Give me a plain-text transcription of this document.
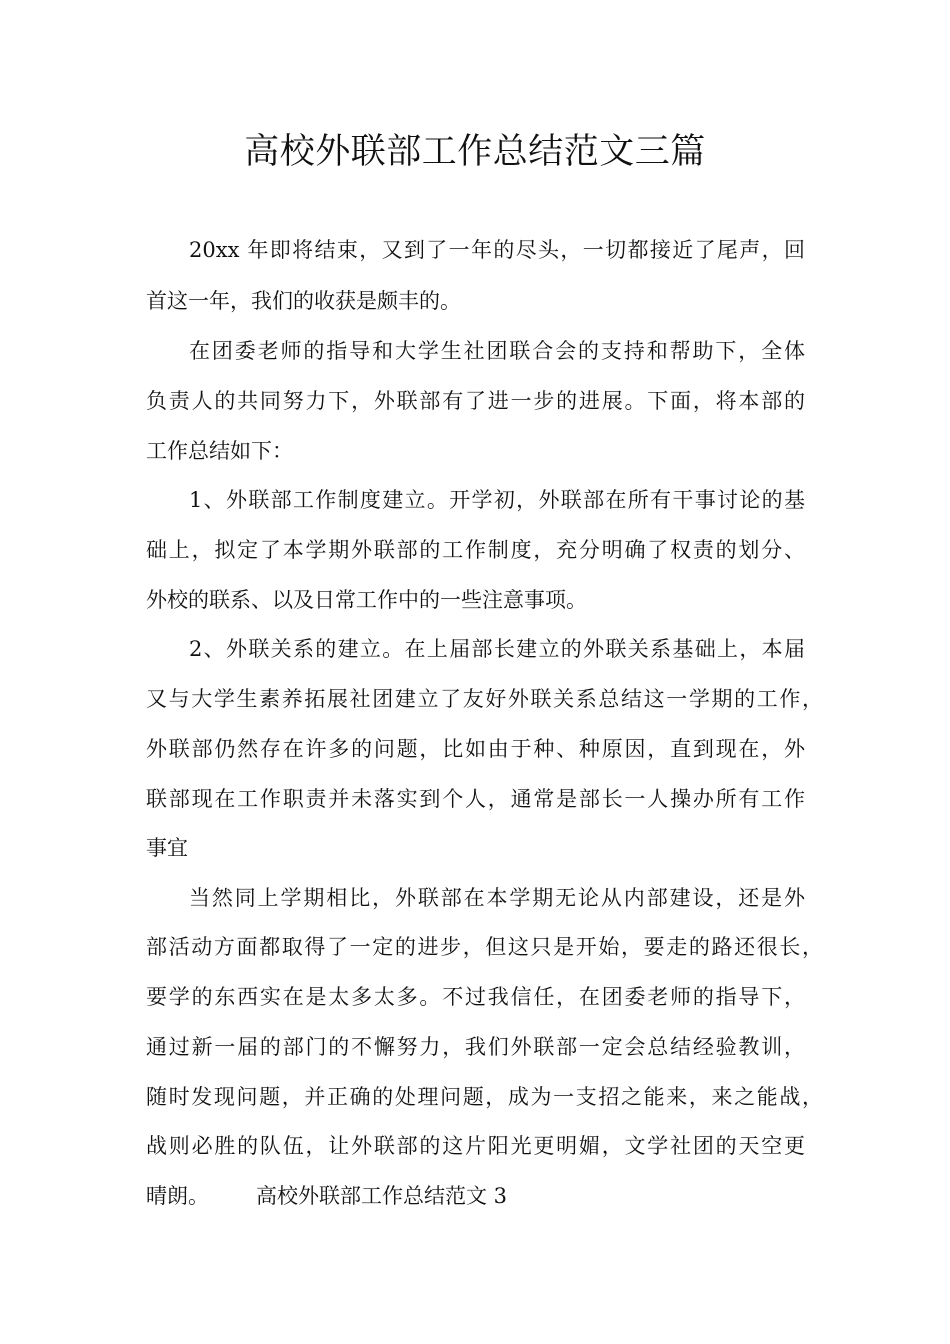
高校外联部工作总结范文三篇
20xx 年即将结束，又到了一年的尽头，一切都接近了尾声，回
首这一年，我们的收获是颇丰的。
在团委老师的指导和大学生社团联合会的支持和帮助下，全体
负责人的共同努力下，外联部有了进一步的进展。下面，将本部的
工作总结如下：
1、外联部工作制度建立。开学初，外联部在所有干事讨论的基
础上，拟定了本学期外联部的工作制度，充分明确了权责的划分、
外校的联系、以及日常工作中的一些注意事项。
2、外联关系的建立。在上届部长建立的外联关系基础上，本届
又与大学生素养拓展社团建立了友好外联关系总结这一学期的工作，
外联部仍然存在许多的问题，比如由于种、种原因，直到现在，外
联部现在工作职责并未落实到个人，通常是部长一人操办所有工作
事宜
当然同上学期相比，外联部在本学期无论从内部建设，还是外
部活动方面都取得了一定的进步，但这只是开始，要走的路还很长，
要学的东西实在是太多太多。不过我信任，在团委老师的指导下，
通过新一届的部门的不懈努力，我们外联部一定会总结经验教训，
随时发现问题，并正确的处理问题，成为一支招之能来，来之能战，
战则必胜的队伍，让外联部的这片阳光更明媚，文学社团的天空更
晴朗。 高校外联部工作总结范文 3
